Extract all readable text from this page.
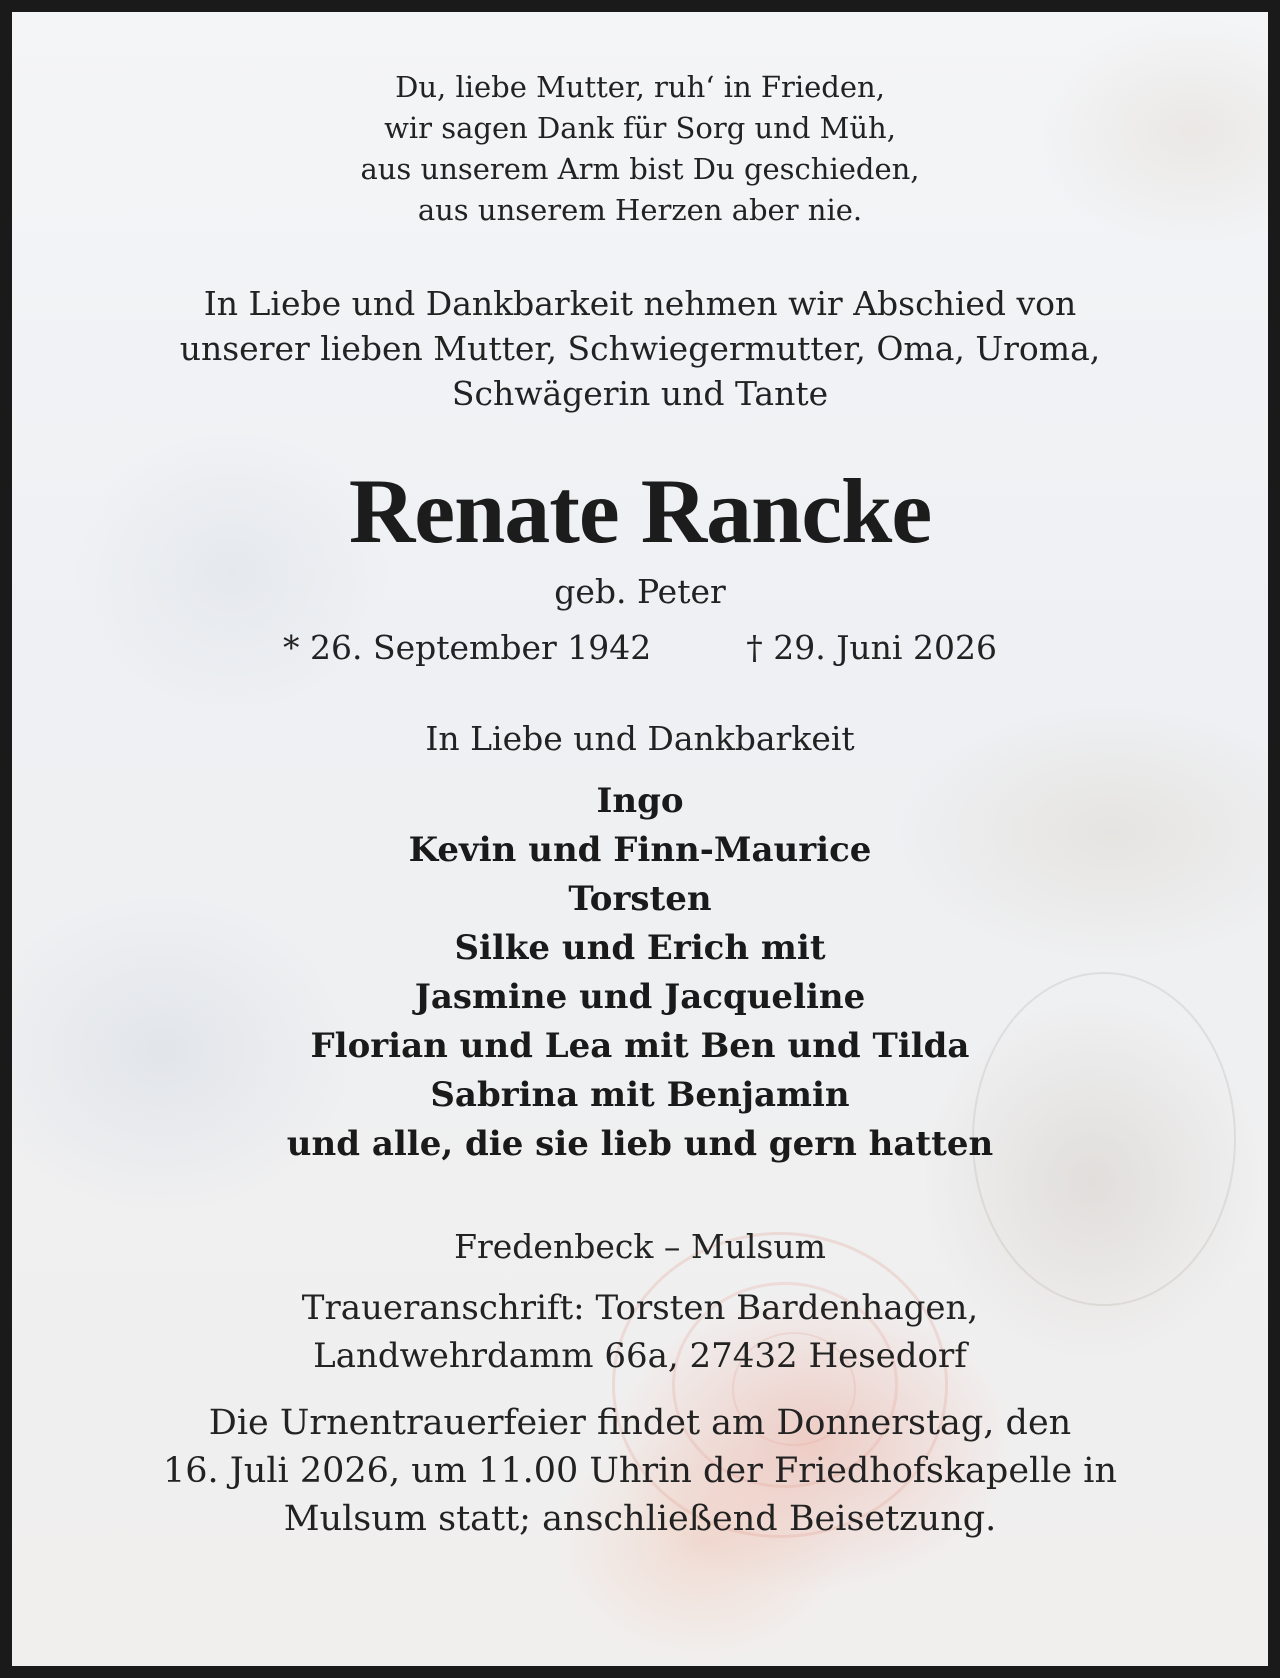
Du, liebe Mutter, ruh‘ in Frieden,
wir sagen Dank für Sorg und Müh,
aus unserem Arm bist Du geschieden,
aus unserem Herzen aber nie.
In Liebe und Dankbarkeit nehmen wir Abschied von
unserer lieben Mutter, Schwiegermutter, Oma, Uroma,
Schwägerin und Tante
Renate Rancke
geb. Peter
* 26. September 1942	† 29. Juni 2026
In Liebe und Dankbarkeit
Ingo
Kevin und Finn-Maurice
Torsten
Silke und Erich mit
Jasmine und Jacqueline
Florian und Lea mit Ben und Tilda
Sabrina mit Benjamin
und alle, die sie lieb und gern hatten
Fredenbeck – Mulsum
Traueranschrift: Torsten Bardenhagen,
Landwehrdamm 66a, 27432 Hesedorf
Die Urnentrauerfeier findet am Donnerstag, den
16. Juli 2026, um 11.00 Uhrin der Friedhofskapelle in
Mulsum statt; anschließend Beisetzung.
